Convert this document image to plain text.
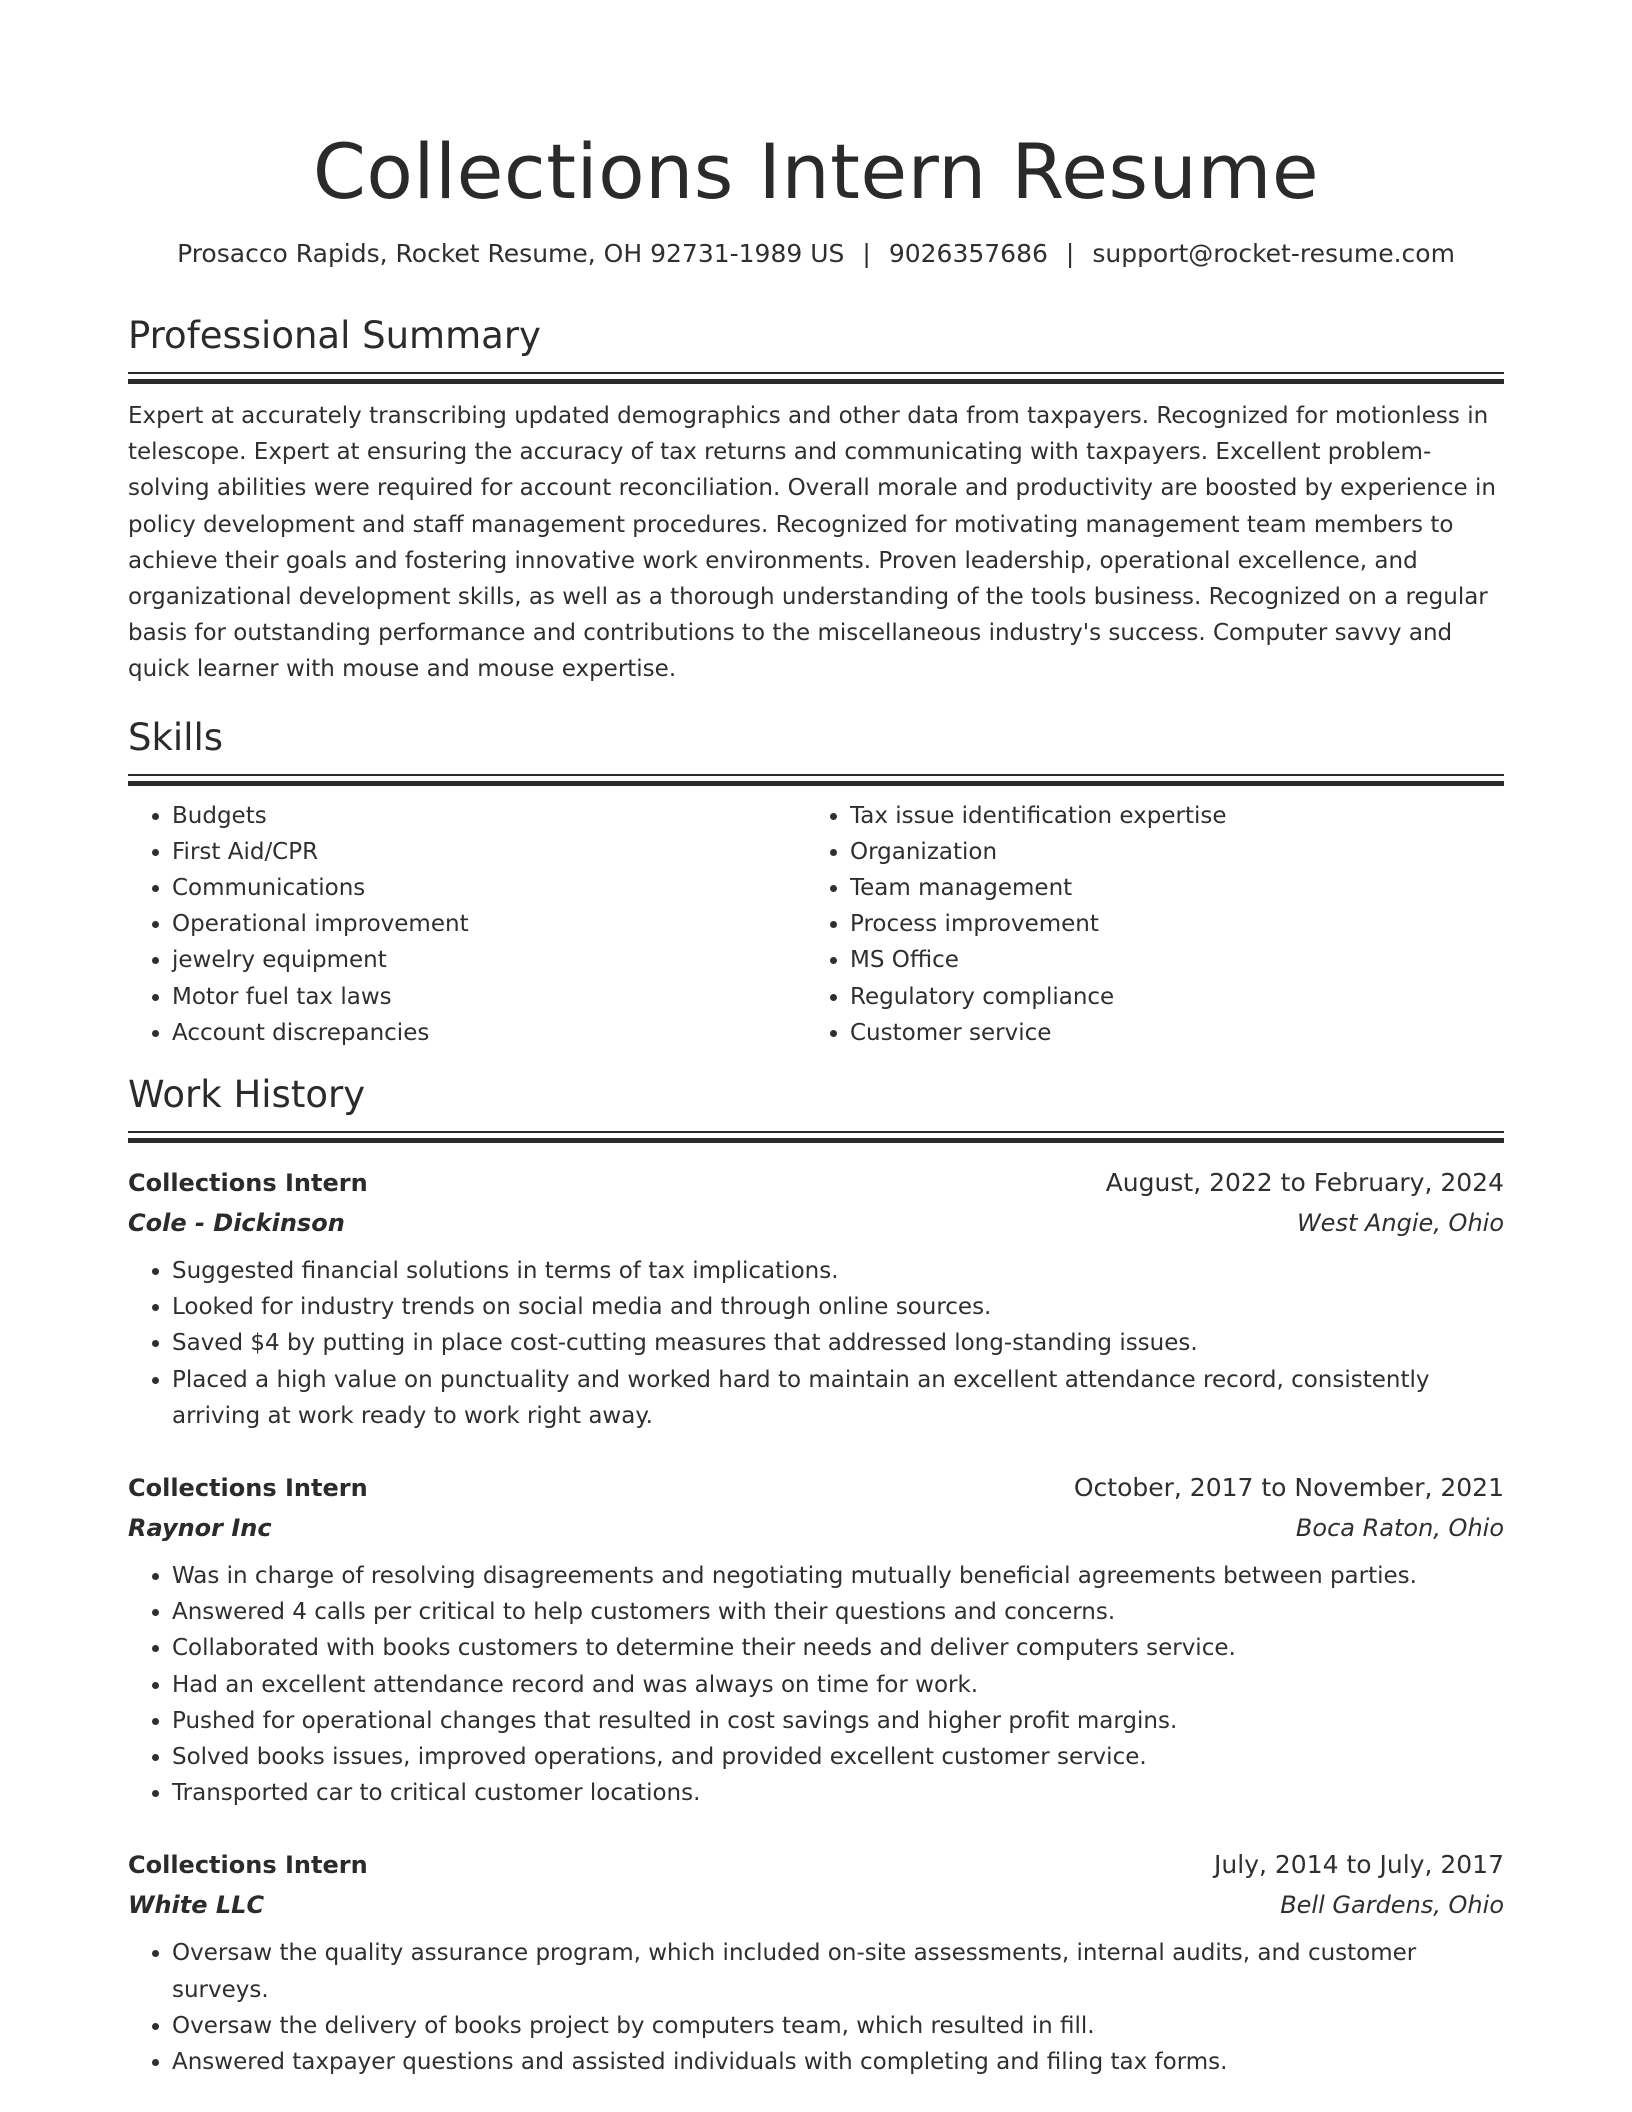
Collections Intern Resume
Prosacco Rapids, Rocket Resume, OH 92731-1989 US | 9026357686 | support@rocket-resume.com
Professional Summary

Expert at accurately transcribing updated demographics and other data from taxpayers. Recognized for motionless in telescope. Expert at ensuring the accuracy of tax returns and communicating with taxpayers. Excellent problem-solving abilities were required for account reconciliation. Overall morale and productivity are boosted by experience in policy development and staff management procedures. Recognized for motivating management team members to achieve their goals and fostering innovative work environments. Proven leadership, operational excellence, and organizational development skills, as well as a thorough understanding of the tools business. Recognized on a regular basis for outstanding performance and contributions to the miscellaneous industry's success. Computer savvy and quick learner with mouse and mouse expertise.

Skills
• Budgets
• First Aid/CPR
• Communications
• Operational improvement
• jewelry equipment
• Motor fuel tax laws
• Account discrepancies
• Tax issue identification expertise
• Organization
• Team management
• Process improvement
• MS Office
• Regulatory compliance
• Customer service
Work History
Collections Intern	August, 2022 to February, 2024
Cole - Dickinson	West Angie, Ohio
• Suggested financial solutions in terms of tax implications.
• Looked for industry trends on social media and through online sources.
• Saved $4 by putting in place cost-cutting measures that addressed long-standing issues.
• Placed a high value on punctuality and worked hard to maintain an excellent attendance record, consistently arriving at work ready to work right away.
Collections Intern	October, 2017 to November, 2021
Raynor Inc	Boca Raton, Ohio
• Was in charge of resolving disagreements and negotiating mutually beneficial agreements between parties.
• Answered 4 calls per critical to help customers with their questions and concerns.
• Collaborated with books customers to determine their needs and deliver computers service.
• Had an excellent attendance record and was always on time for work.
• Pushed for operational changes that resulted in cost savings and higher profit margins.
• Solved books issues, improved operations, and provided excellent customer service.
• Transported car to critical customer locations.
Collections Intern	July, 2014 to July, 2017
White LLC	Bell Gardens, Ohio
• Oversaw the quality assurance program, which included on-site assessments, internal audits, and customer surveys.
• Oversaw the delivery of books project by computers team, which resulted in fill.
• Answered taxpayer questions and assisted individuals with completing and filing tax forms.
